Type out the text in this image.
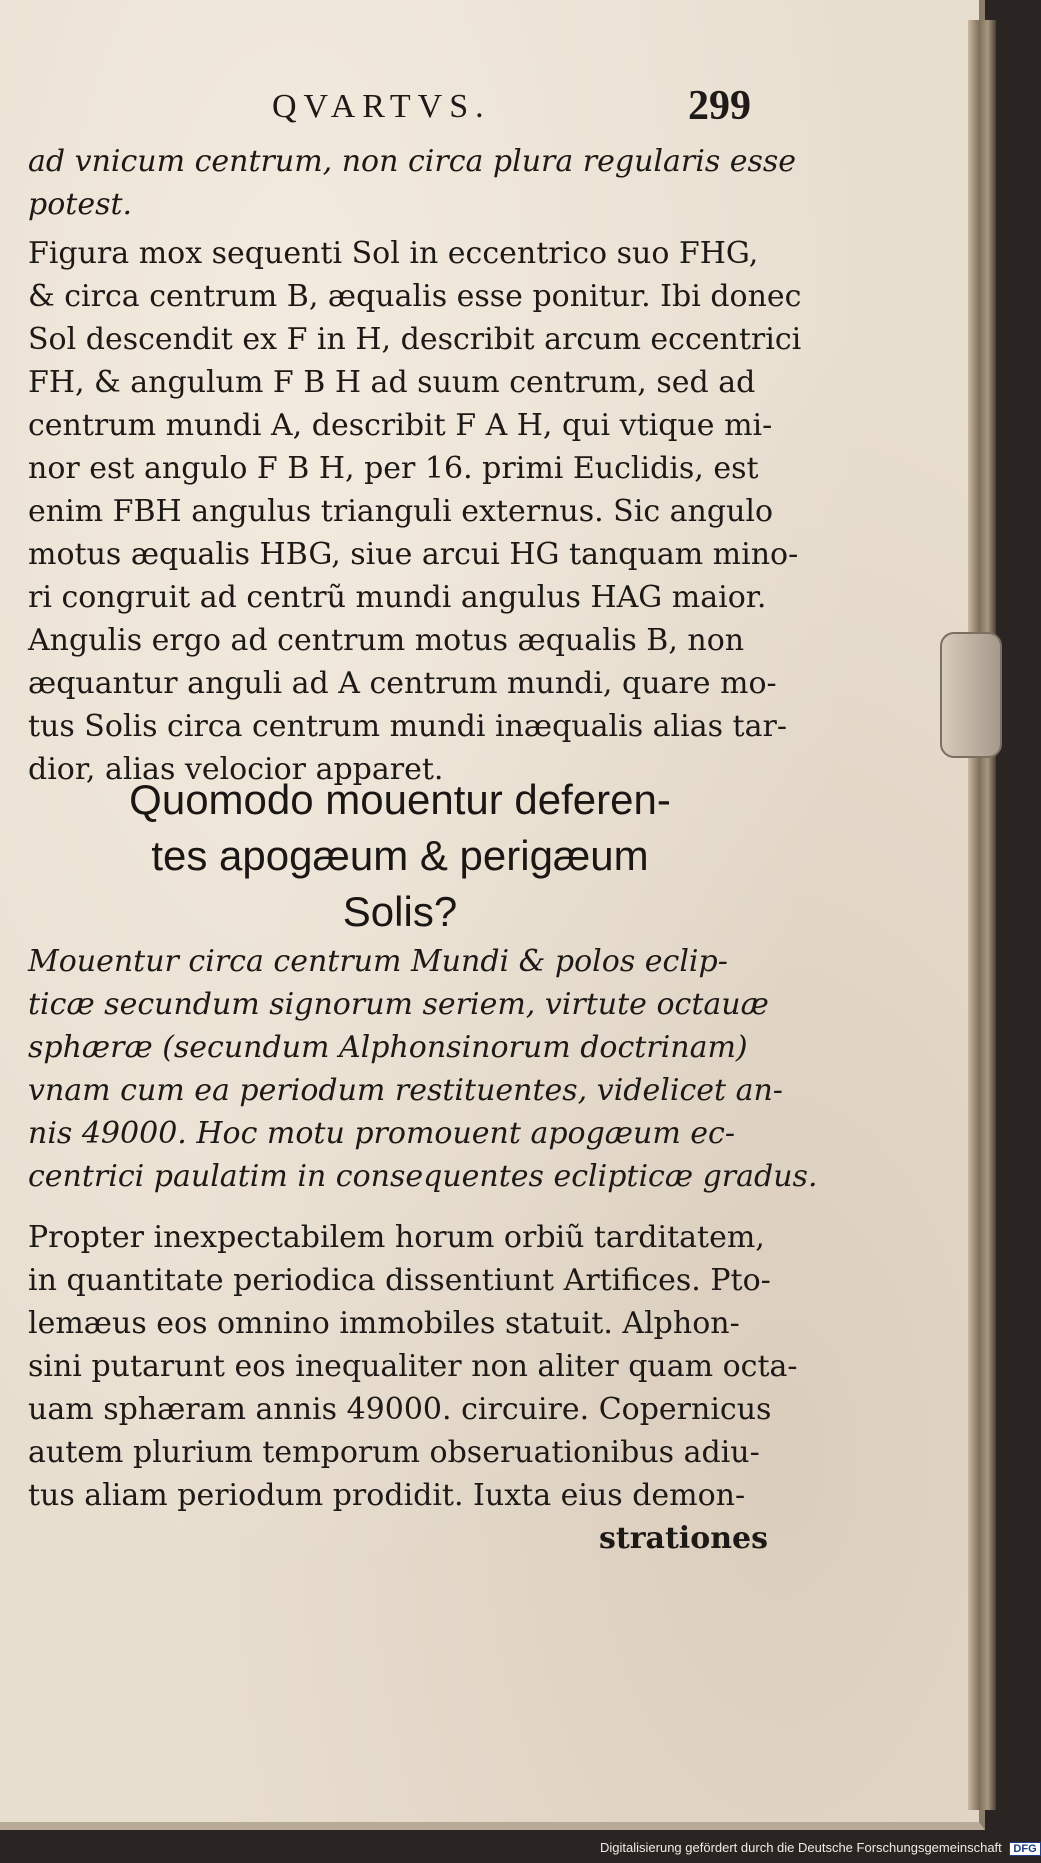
QVARTVS.	299
ad vnicum centrum, non circa plura regularis esse
potest.
Figura mox sequenti Sol in eccentrico suo FHG,
& circa centrum B, æqualis esse ponitur. Ibi donec
Sol descendit ex F in H, describit arcum eccentrici
FH, & angulum F B H ad suum centrum, sed ad
centrum mundi A, describit F A H, qui vtique mi-
nor est angulo F B H, per 16. primi Euclidis, est
enim FBH angulus trianguli externus. Sic angulo
motus æqualis HBG, siue arcui HG tanquam mino-
ri congruit ad centrũ mundi angulus HAG maior.
Angulis ergo ad centrum motus æqualis B, non
æquantur anguli ad A centrum mundi, quare mo-
tus Solis circa centrum mundi inæqualis alias tar-
dior, alias velocior apparet.
Quomodo mouentur deferen-
tes apogæum & perigæum
Solis?
Mouentur circa centrum Mundi & polos eclip-
ticæ secundum signorum seriem, virtute octauæ
sphæræ (secundum Alphonsinorum doctrinam)
vnam cum ea periodum restituentes, videlicet an-
nis 49000. Hoc motu promouent apogæum ec-
centrici paulatim in consequentes eclipticæ gradus.
Propter inexpectabilem horum orbiũ tarditatem,
in quantitate periodica dissentiunt Artifices. Pto-
lemæus eos omnino immobiles statuit. Alphon-
sini putarunt eos inequaliter non aliter quam octa-
uam sphæram annis 49000. circuire. Copernicus
autem plurium temporum obseruationibus adiu-
tus aliam periodum prodidit. Iuxta eius demon-
strationes
Digitalisierung gefördert durch die Deutsche Forschungsgemeinschaft DFG
